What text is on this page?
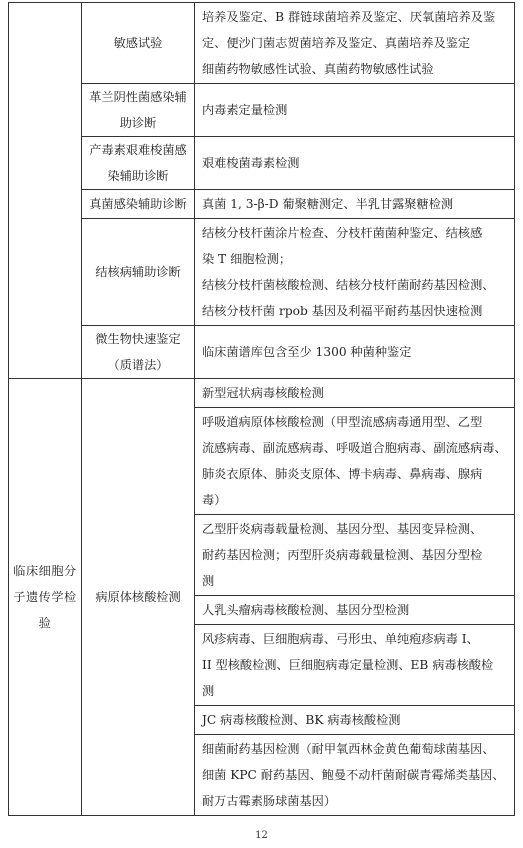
	敏感试验	培养及鉴定、B 群链球菌培养及鉴定、厌氧菌培养及鉴
定、便沙门菌志贺菌培养及鉴定、真菌培养及鉴定
细菌药物敏感性试验、真菌药物敏感性试验

	革兰阴性菌感染辅助诊断	内毒素定量检测

	产毒素艰难梭菌感染辅助诊断	艰难梭菌毒素检测

	真菌感染辅助诊断	真菌 1, 3-β-D 葡聚糖测定、半乳甘露聚糖检测

	结核病辅助诊断	结核分枝杆菌涂片检查、分枝杆菌菌种鉴定、结核感
染 T 细胞检测；
结核分枝杆菌核酸检测、结核分枝杆菌耐药基因检测、
结核分枝杆菌 rpob 基因及利福平耐药基因快速检测

	微生物快速鉴定（质谱法）	临床菌谱库包含至少 1300 种菌种鉴定

临床细胞分子遗传学检验	病原体核酸检测	新型冠状病毒核酸检测

		呼吸道病原体核酸检测（甲型流感病毒通用型、乙型
流感病毒、副流感病毒、呼吸道合胞病毒、副流感病毒、
肺炎衣原体、肺炎支原体、博卡病毒、鼻病毒、腺病
毒）

		乙型肝炎病毒载量检测、基因分型、基因变异检测、
耐药基因检测；丙型肝炎病毒载量检测、基因分型检
测

		人乳头瘤病毒核酸检测、基因分型检测

		风疹病毒、巨细胞病毒、弓形虫、单纯疱疹病毒 I、
II 型核酸检测、巨细胞病毒定量检测、EB 病毒核酸检
测

		JC 病毒核酸检测、BK 病毒核酸检测

		细菌耐药基因检测（耐甲氧西林金黄色葡萄球菌基因、
细菌 KPC 耐药基因、鲍曼不动杆菌耐碳青霉烯类基因、
耐万古霉素肠球菌基因）
12
